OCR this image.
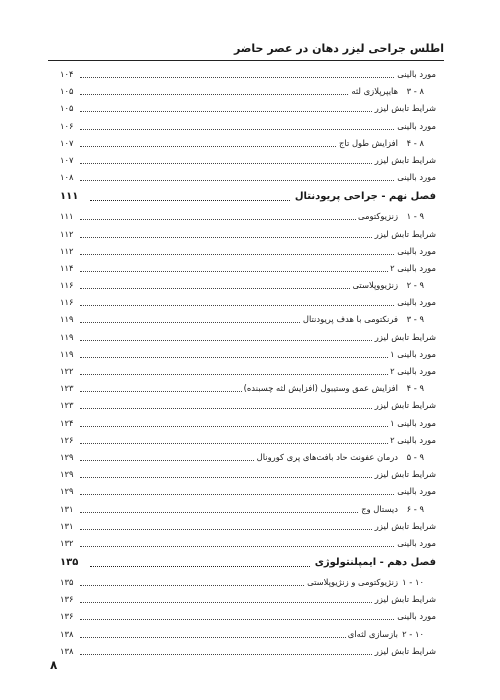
اطلس جراحی لیزر دهان در عصر حاضر
مورد بالینی
۱۰۴
۸ - ۳هایپرپلازی لثه
۱۰۵
شرایط تابش لیزر
۱۰۵
مورد بالینی
۱۰۶
۸ - ۴افزایش طول تاج
۱۰۷
شرایط تابش لیزر
۱۰۷
مورد بالینی
۱۰۸
فصل نهم - جراحی پریودنتال
۱۱۱
۹ - ۱زنزیوکتومی
۱۱۱
شرایط تابش لیزر
۱۱۲
مورد بالینی
۱۱۲
مورد بالینی ۲
۱۱۴
۹ - ۲زنژیووپلاستی
۱۱۶
مورد بالینی
۱۱۶
۹ - ۳فرنکتومی با هدف پریودنتال
۱۱۹
شرایط تابش لیزر
۱۱۹
مورد بالینی ۱
۱۱۹
مورد بالینی ۲
۱۲۲
۹ - ۴افزایش عمق وستیبول (افزایش لثه چسبنده)
۱۲۳
شرایط تابش لیزر
۱۲۳
مورد بالینی ۱
۱۲۴
مورد بالینی ۲
۱۲۶
۹ - ۵درمان عفونت حاد بافت‌های پری کورونال
۱۲۹
شرایط تابش لیزر
۱۲۹
مورد بالینی
۱۲۹
۹ - ۶دیستال وج
۱۳۱
شرایط تابش لیزر
۱۳۱
مورد بالینی
۱۳۲
فصل دهم - ایمپلنتولوژی
۱۳۵
۱۰ - ۱زنژیوکتومی و زنژیوپلاستی
۱۳۵
شرایط تابش لیزر
۱۳۶
مورد بالینی
۱۳۶
۱۰ - ۲بازسازی لثه‌ای
۱۳۸
شرایط تابش لیزر
۱۳۸
۸
